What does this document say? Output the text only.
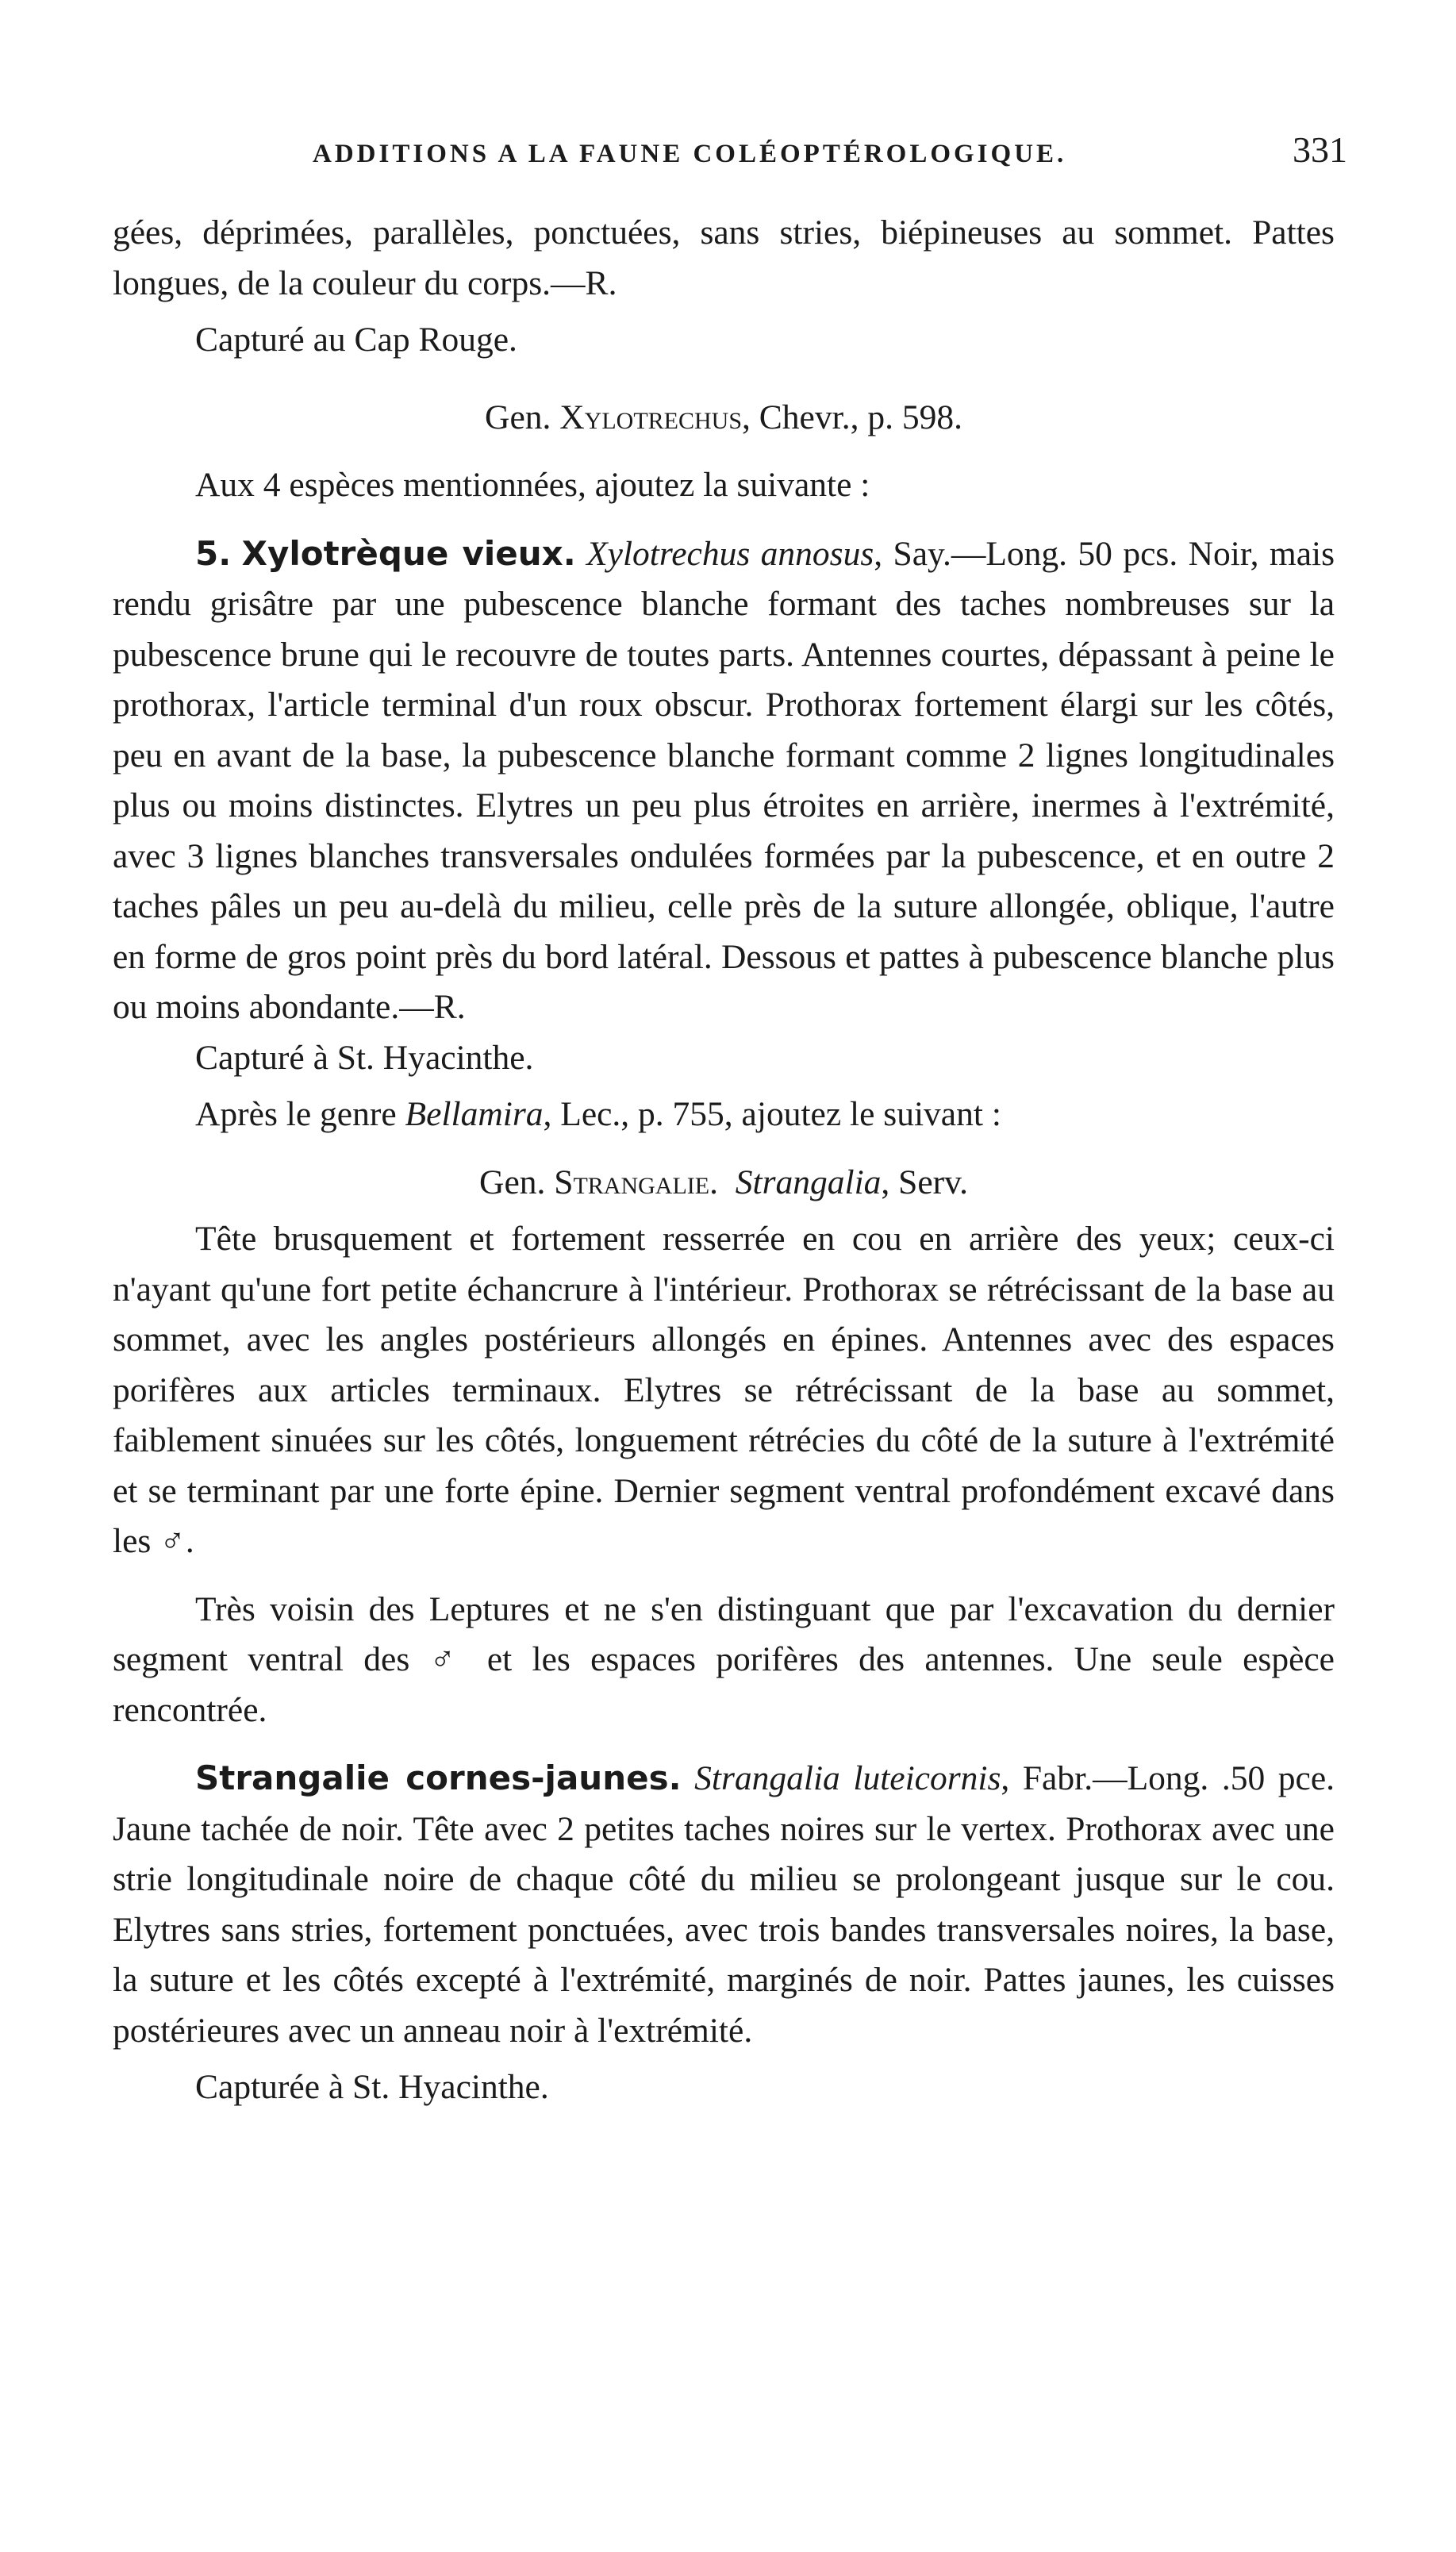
ADDITIONS A LA FAUNE COLÉOPTÉROLOGIQUE.	331

gées, déprimées, parallèles, ponctuées, sans stries, biépineuses au sommet. Pattes longues, de la couleur du corps.—R.

Capturé au Cap Rouge.

Gen. Xylotrechus, Chevr., p. 598.

Aux 4 espèces mentionnées, ajoutez la suivante :

5. Xylotrèque vieux. Xylotrechus annosus, Say.—Long. 50 pcs. Noir, mais rendu grisâtre par une pubescence blanche formant des taches nombreuses sur la pubescence brune qui le recouvre de toutes parts. Antennes courtes, dépassant à peine le prothorax, l'article terminal d'un roux obscur. Prothorax fortement élargi sur les côtés, peu en avant de la base, la pubescence blanche formant comme 2 lignes longitudinales plus ou moins distinctes. Elytres un peu plus étroites en arrière, inermes à l'extrémité, avec 3 lignes blanches transversales ondulées formées par la pubescence, et en outre 2 taches pâles un peu au-delà du milieu, celle près de la suture allongée, oblique, l'autre en forme de gros point près du bord latéral. Dessous et pattes à pubescence blanche plus ou moins abondante.—R.

Capturé à St. Hyacinthe.

Après le genre Bellamira, Lec., p. 755, ajoutez le suivant :

Gen. Strangalie. Strangalia, Serv.

Tête brusquement et fortement resserrée en cou en arrière des yeux; ceux-ci n'ayant qu'une fort petite échancrure à l'intérieur. Prothorax se rétrécissant de la base au sommet, avec les angles postérieurs allongés en épines. Antennes avec des espaces porifères aux articles terminaux. Elytres se rétrécissant de la base au sommet, faiblement sinuées sur les côtés, longuement rétrécies du côté de la suture à l'extrémité et se terminant par une forte épine. Dernier segment ventral profondément excavé dans les ♂.

Très voisin des Leptures et ne s'en distinguant que par l'excavation du dernier segment ventral des ♂ et les espaces porifères des antennes. Une seule espèce rencontrée.

Strangalie cornes-jaunes. Strangalia luteicornis, Fabr.—Long. .50 pce. Jaune tachée de noir. Tête avec 2 petites taches noires sur le vertex. Prothorax avec une strie longitudinale noire de chaque côté du milieu se prolongeant jusque sur le cou. Elytres sans stries, fortement ponctuées, avec trois bandes transversales noires, la base, la suture et les côtés excepté à l'extrémité, marginés de noir. Pattes jaunes, les cuisses postérieures avec un anneau noir à l'extrémité.

Capturée à St. Hyacinthe.
